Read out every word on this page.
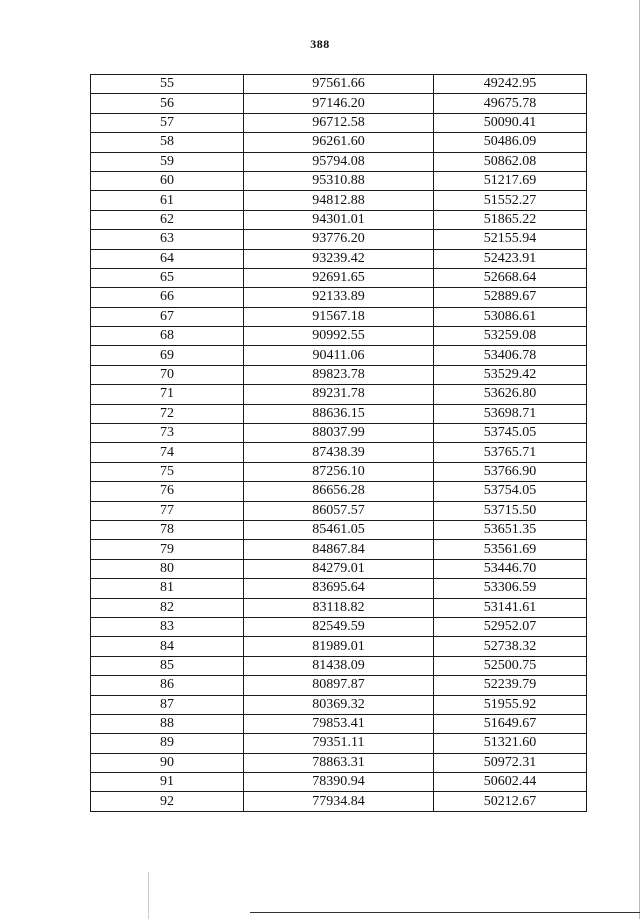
388
55	97561.66	49242.95
56	97146.20	49675.78
57	96712.58	50090.41
58	96261.60	50486.09
59	95794.08	50862.08
60	95310.88	51217.69
61	94812.88	51552.27
62	94301.01	51865.22
63	93776.20	52155.94
64	93239.42	52423.91
65	92691.65	52668.64
66	92133.89	52889.67
67	91567.18	53086.61
68	90992.55	53259.08
69	90411.06	53406.78
70	89823.78	53529.42
71	89231.78	53626.80
72	88636.15	53698.71
73	88037.99	53745.05
74	87438.39	53765.71
75	87256.10	53766.90
76	86656.28	53754.05
77	86057.57	53715.50
78	85461.05	53651.35
79	84867.84	53561.69
80	84279.01	53446.70
81	83695.64	53306.59
82	83118.82	53141.61
83	82549.59	52952.07
84	81989.01	52738.32
85	81438.09	52500.75
86	80897.87	52239.79
87	80369.32	51955.92
88	79853.41	51649.67
89	79351.11	51321.60
90	78863.31	50972.31
91	78390.94	50602.44
92	77934.84	50212.67
